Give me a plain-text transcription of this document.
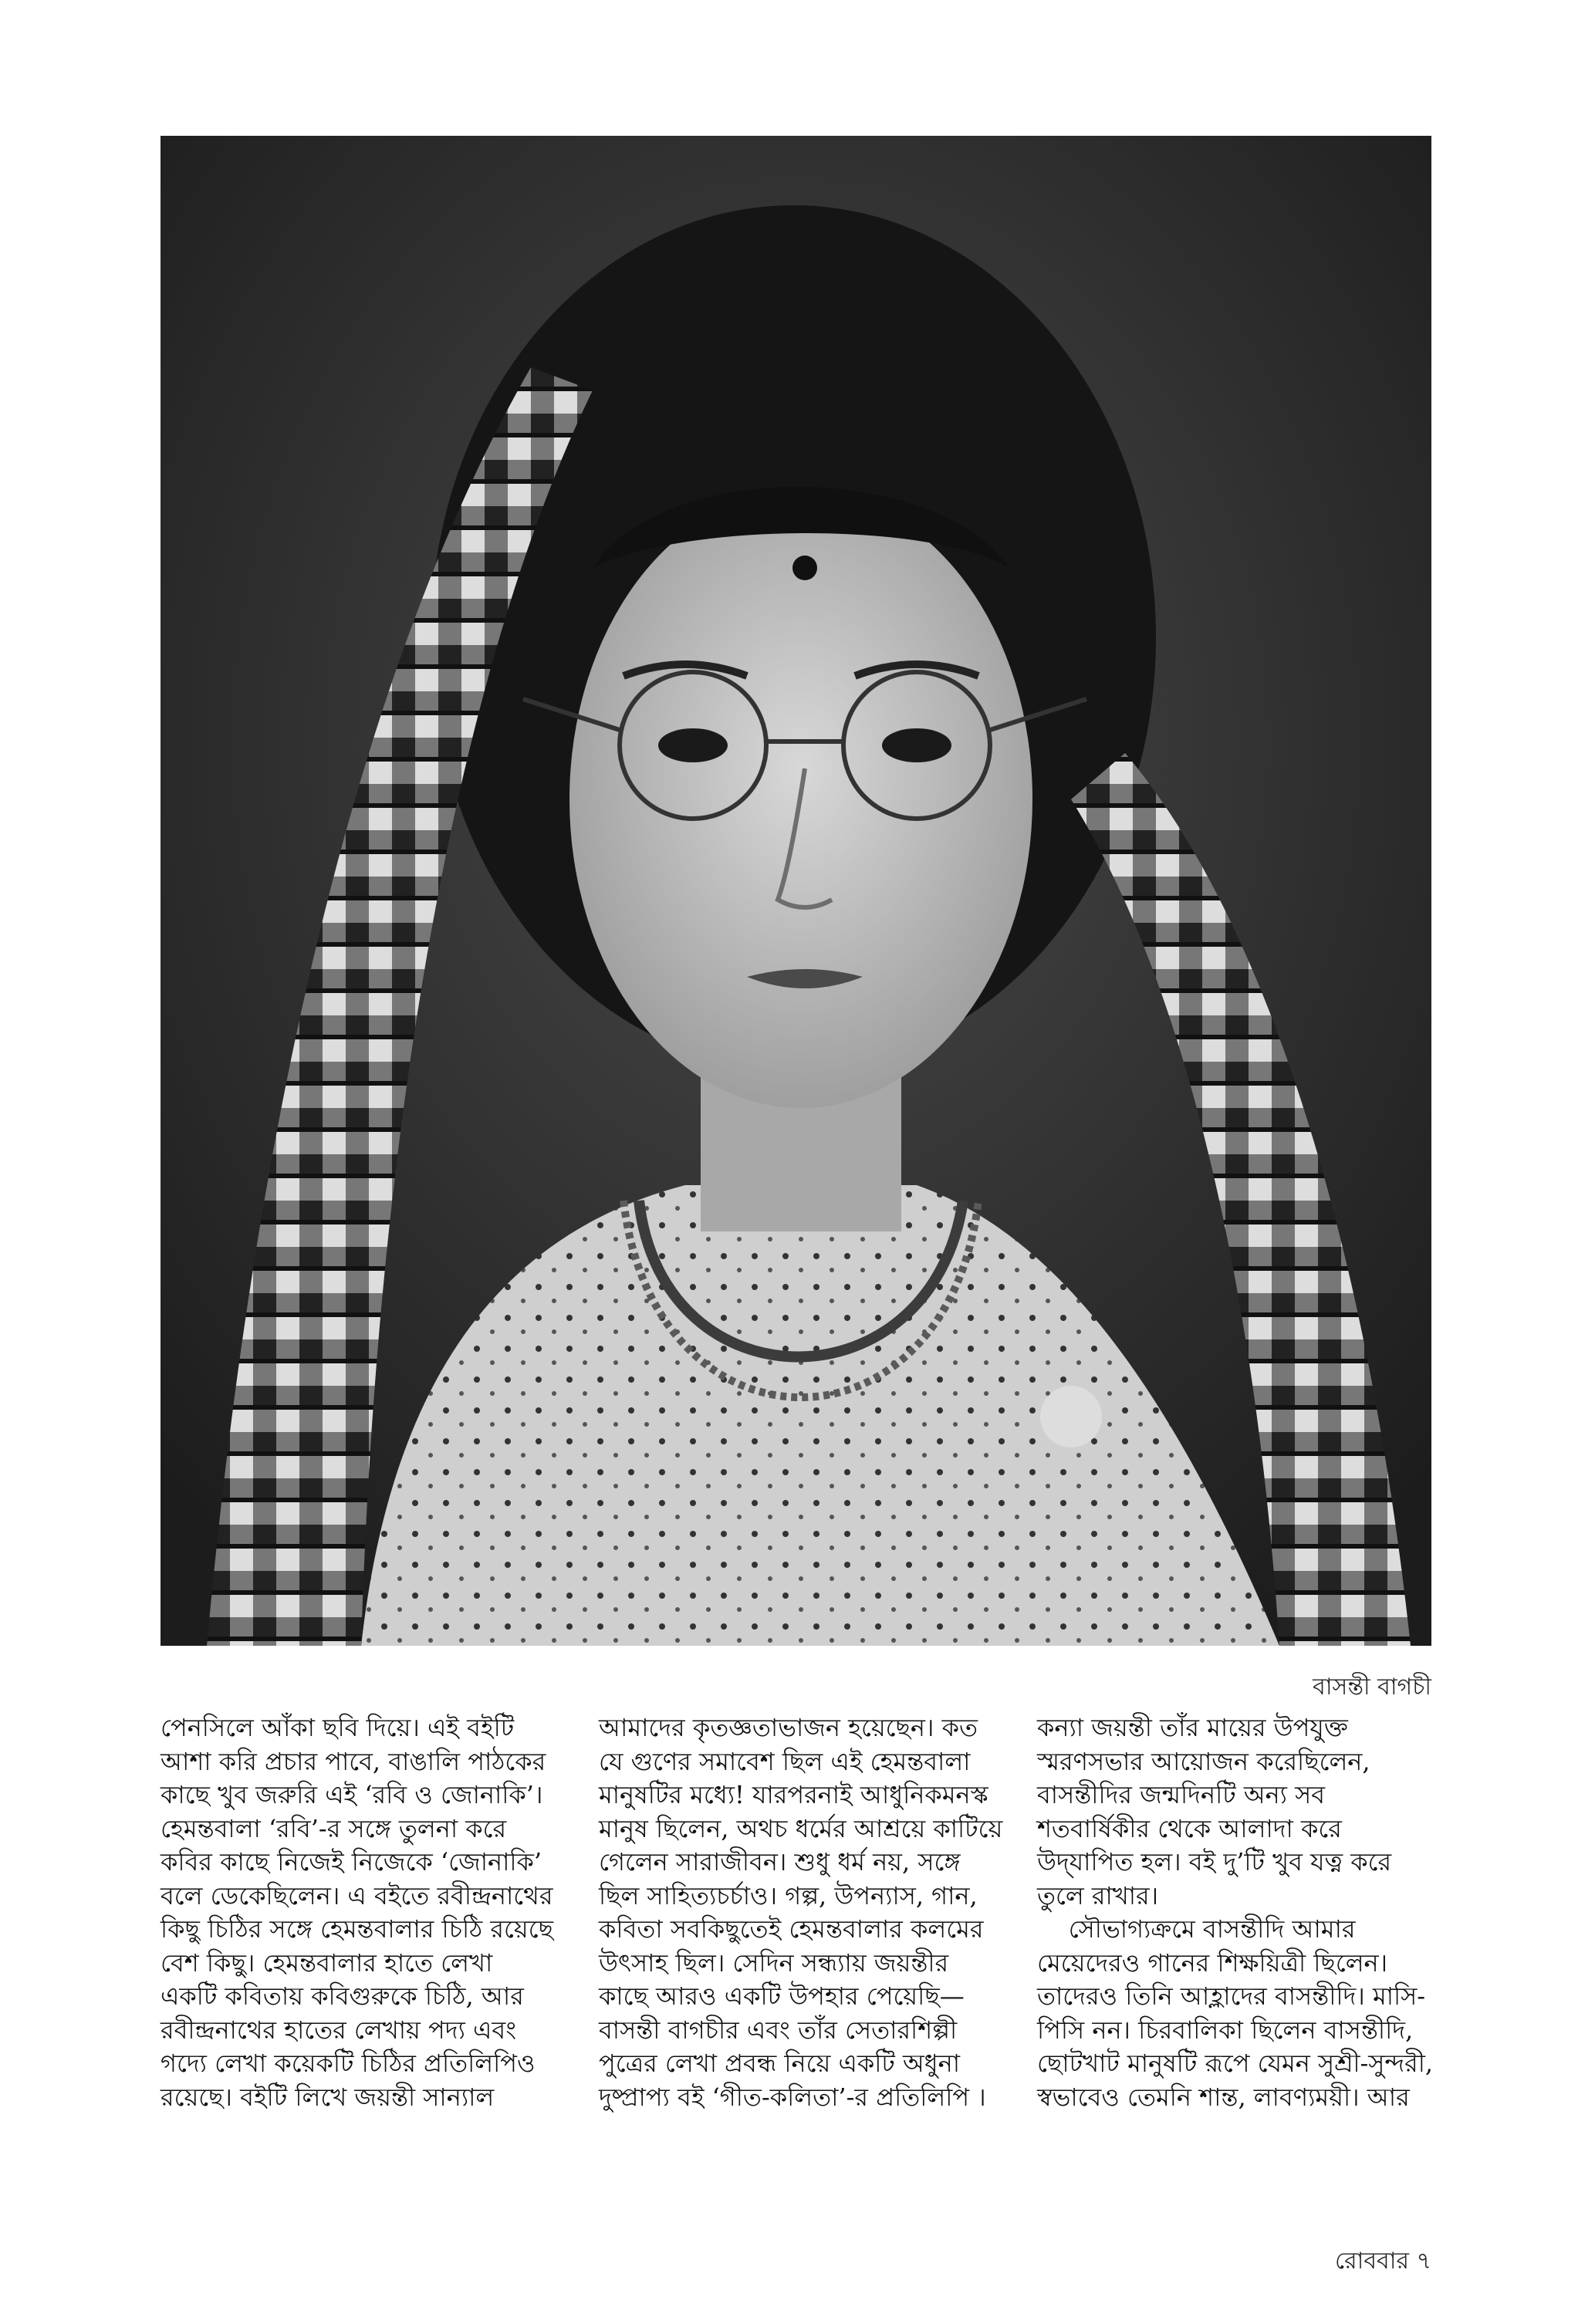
বাসন্তী বাগচী
পেনসিলে আঁকা ছবি দিয়ে। এই বইটি
আশা করি প্রচার পাবে, বাঙালি পাঠকের
কাছে খুব জরুরি এই ‘রবি ও জোনাকি’।
হেমন্তবালা ‘রবি’-র সঙ্গে তুলনা করে
কবির কাছে নিজেই নিজেকে ‘জোনাকি’
বলে ডেকেছিলেন। এ বইতে রবীন্দ্রনাথের
কিছু চিঠির সঙ্গে হেমন্তবালার চিঠি রয়েছে
বেশ কিছু। হেমন্তবালার হাতে লেখা
একটি কবিতায় কবিগুরুকে চিঠি, আর
রবীন্দ্রনাথের হাতের লেখায় পদ্য এবং
গদ্যে লেখা কয়েকটি চিঠির প্রতিলিপিও
রয়েছে। বইটি লিখে জয়ন্তী সান্যাল
আমাদের কৃতজ্ঞতাভাজন হয়েছেন। কত
যে গুণের সমাবেশ ছিল এই হেমন্তবালা
মানুষটির মধ্যে! যারপরনাই আধুনিকমনস্ক
মানুষ ছিলেন, অথচ ধর্মের আশ্রয়ে কাটিয়ে
গেলেন সারাজীবন। শুধু ধর্ম নয়, সঙ্গে
ছিল সাহিত্যচর্চাও। গল্প, উপন্যাস, গান,
কবিতা সবকিছুতেই হেমন্তবালার কলমের
উৎসাহ ছিল। সেদিন সন্ধ্যায় জয়ন্তীর
কাছে আরও একটি উপহার পেয়েছি—
বাসন্তী বাগচীর এবং তাঁর সেতারশিল্পী
পুত্রের লেখা প্রবন্ধ নিয়ে একটি অধুনা
দুষ্প্রাপ্য বই ‘গীত-কলিতা’-র প্রতিলিপি ।
কন্যা জয়ন্তী তাঁর মায়ের উপযুক্ত
স্মরণসভার আয়োজন করেছিলেন,
বাসন্তীদির জন্মদিনটি অন্য সব
শতবার্ষিকীর থেকে আলাদা করে
উদ্‌যাপিত হল। বই দু’টি খুব যত্ন করে
তুলে রাখার।
সৌভাগ্যক্রমে বাসন্তীদি আমার
মেয়েদেরও গানের শিক্ষয়িত্রী ছিলেন।
তাদেরও তিনি আহ্লাদের বাসন্তীদি। মাসি-
পিসি নন। চিরবালিকা ছিলেন বাসন্তীদি,
ছোটখাট মানুষটি রূপে যেমন সুশ্রী-সুন্দরী,
স্বভাবেও তেমনি শান্ত, লাবণ্যময়ী। আর
রোববার ৭
